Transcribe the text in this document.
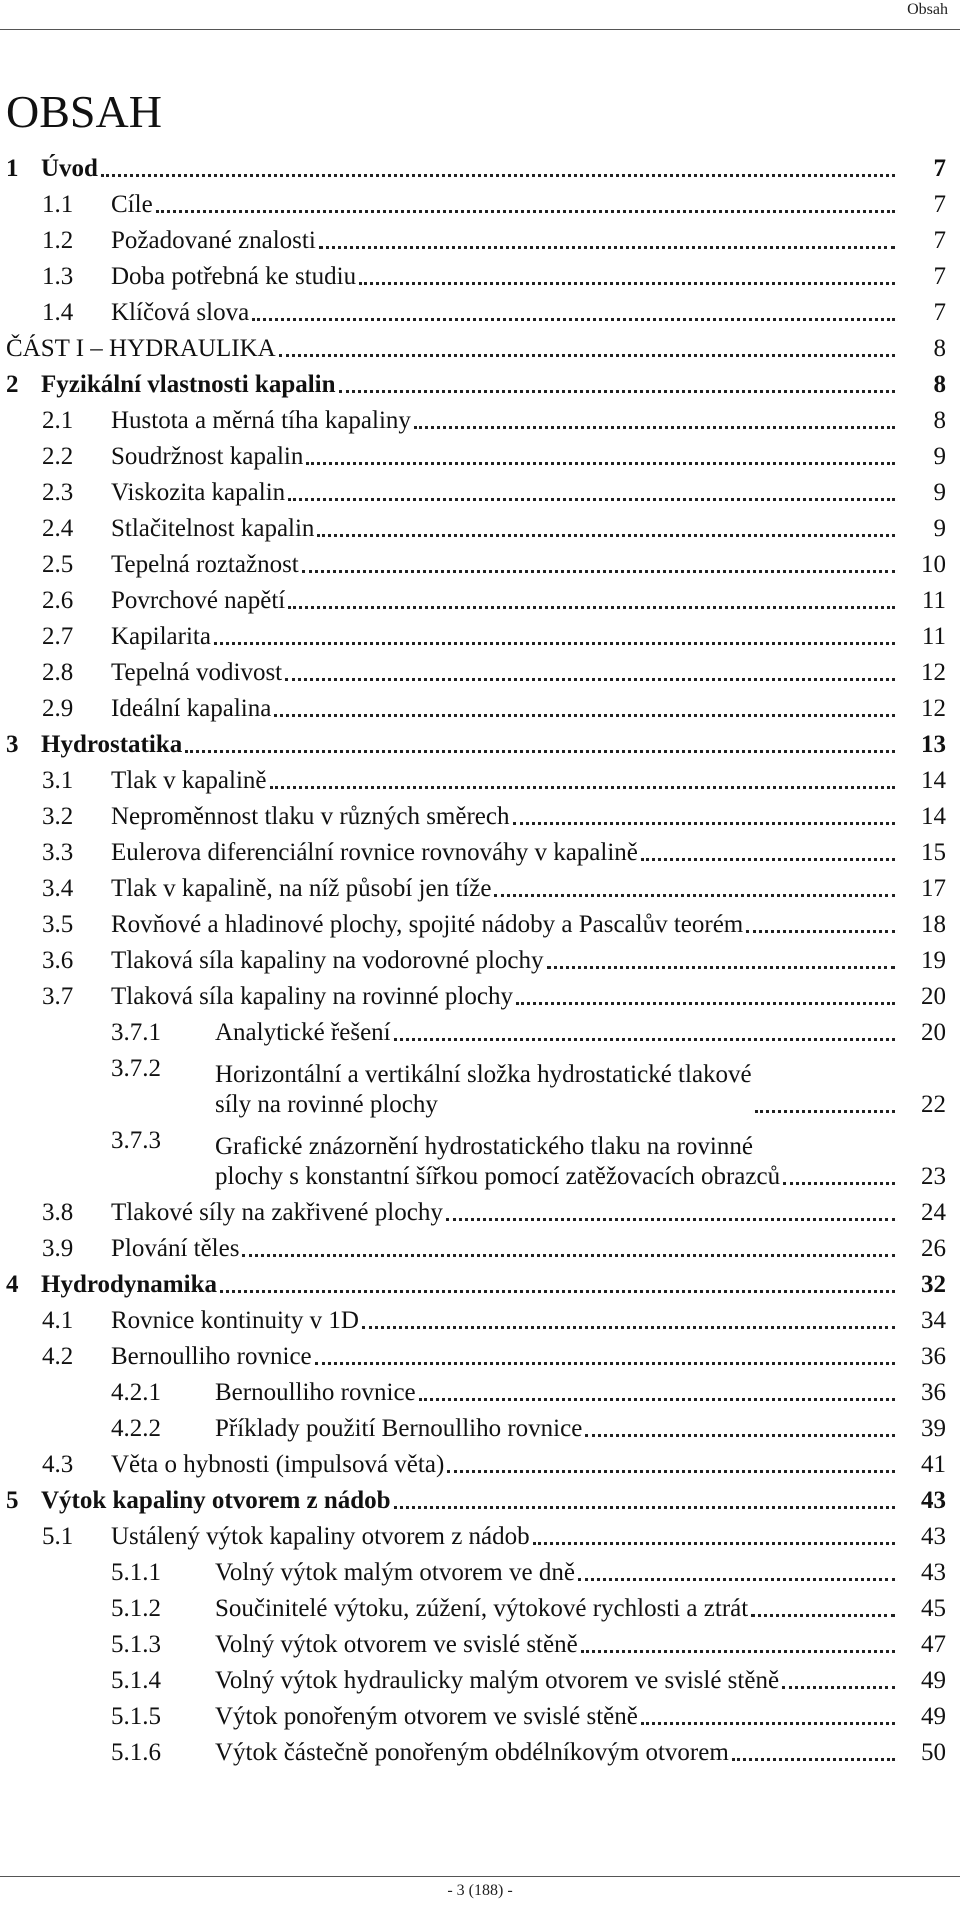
Obsah
OBSAH
1 Úvod	7
1.1 Cíle	7
1.2 Požadované znalosti	7
1.3 Doba potřebná ke studiu	7
1.4 Klíčová slova	7
ČÁST I – HYDRAULIKA	8
2 Fyzikální vlastnosti kapalin	8
2.1 Hustota a měrná tíha kapaliny	8
2.2 Soudržnost kapalin	9
2.3 Viskozita kapalin	9
2.4 Stlačitelnost kapalin	9
2.5 Tepelná roztažnost	10
2.6 Povrchové napětí	11
2.7 Kapilarita	11
2.8 Tepelná vodivost	12
2.9 Ideální kapalina	12
3 Hydrostatika	13
3.1 Tlak v kapalině	14
3.2 Neproměnnost tlaku v různých směrech	14
3.3 Eulerova diferenciální rovnice rovnováhy v kapalině	15
3.4 Tlak v kapalině, na níž působí jen tíže	17
3.5 Rovňové a hladinové plochy, spojité nádoby a Pascalův teorém	18
3.6 Tlaková síla kapaliny na vodorovné plochy	19
3.7 Tlaková síla kapaliny na rovinné plochy	20
3.7.1 Analytické řešení	20
3.7.2 Horizontální a vertikální složka hydrostatické tlakové
síly na rovinné plochy	22
3.7.3 Grafické znázornění hydrostatického tlaku na rovinné
plochy s konstantní šířkou pomocí zatěžovacích obrazců	23
3.8 Tlakové síly na zakřivené plochy	24
3.9 Plování těles	26
4 Hydrodynamika	32
4.1 Rovnice kontinuity v 1D	34
4.2 Bernoulliho rovnice	36
4.2.1 Bernoulliho rovnice	36
4.2.2 Příklady použití Bernoulliho rovnice	39
4.3 Věta o hybnosti (impulsová věta)	41
5 Výtok kapaliny otvorem z nádob	43
5.1 Ustálený výtok kapaliny otvorem z nádob	43
5.1.1 Volný výtok malým otvorem ve dně	43
5.1.2 Součinitelé výtoku, zúžení, výtokové rychlosti a ztrát	45
5.1.3 Volný výtok otvorem ve svislé stěně	47
5.1.4 Volný výtok hydraulicky malým otvorem ve svislé stěně	49
5.1.5 Výtok ponořeným otvorem ve svislé stěně	49
5.1.6 Výtok částečně ponořeným obdélníkovým otvorem	50
- 3 (188) -
